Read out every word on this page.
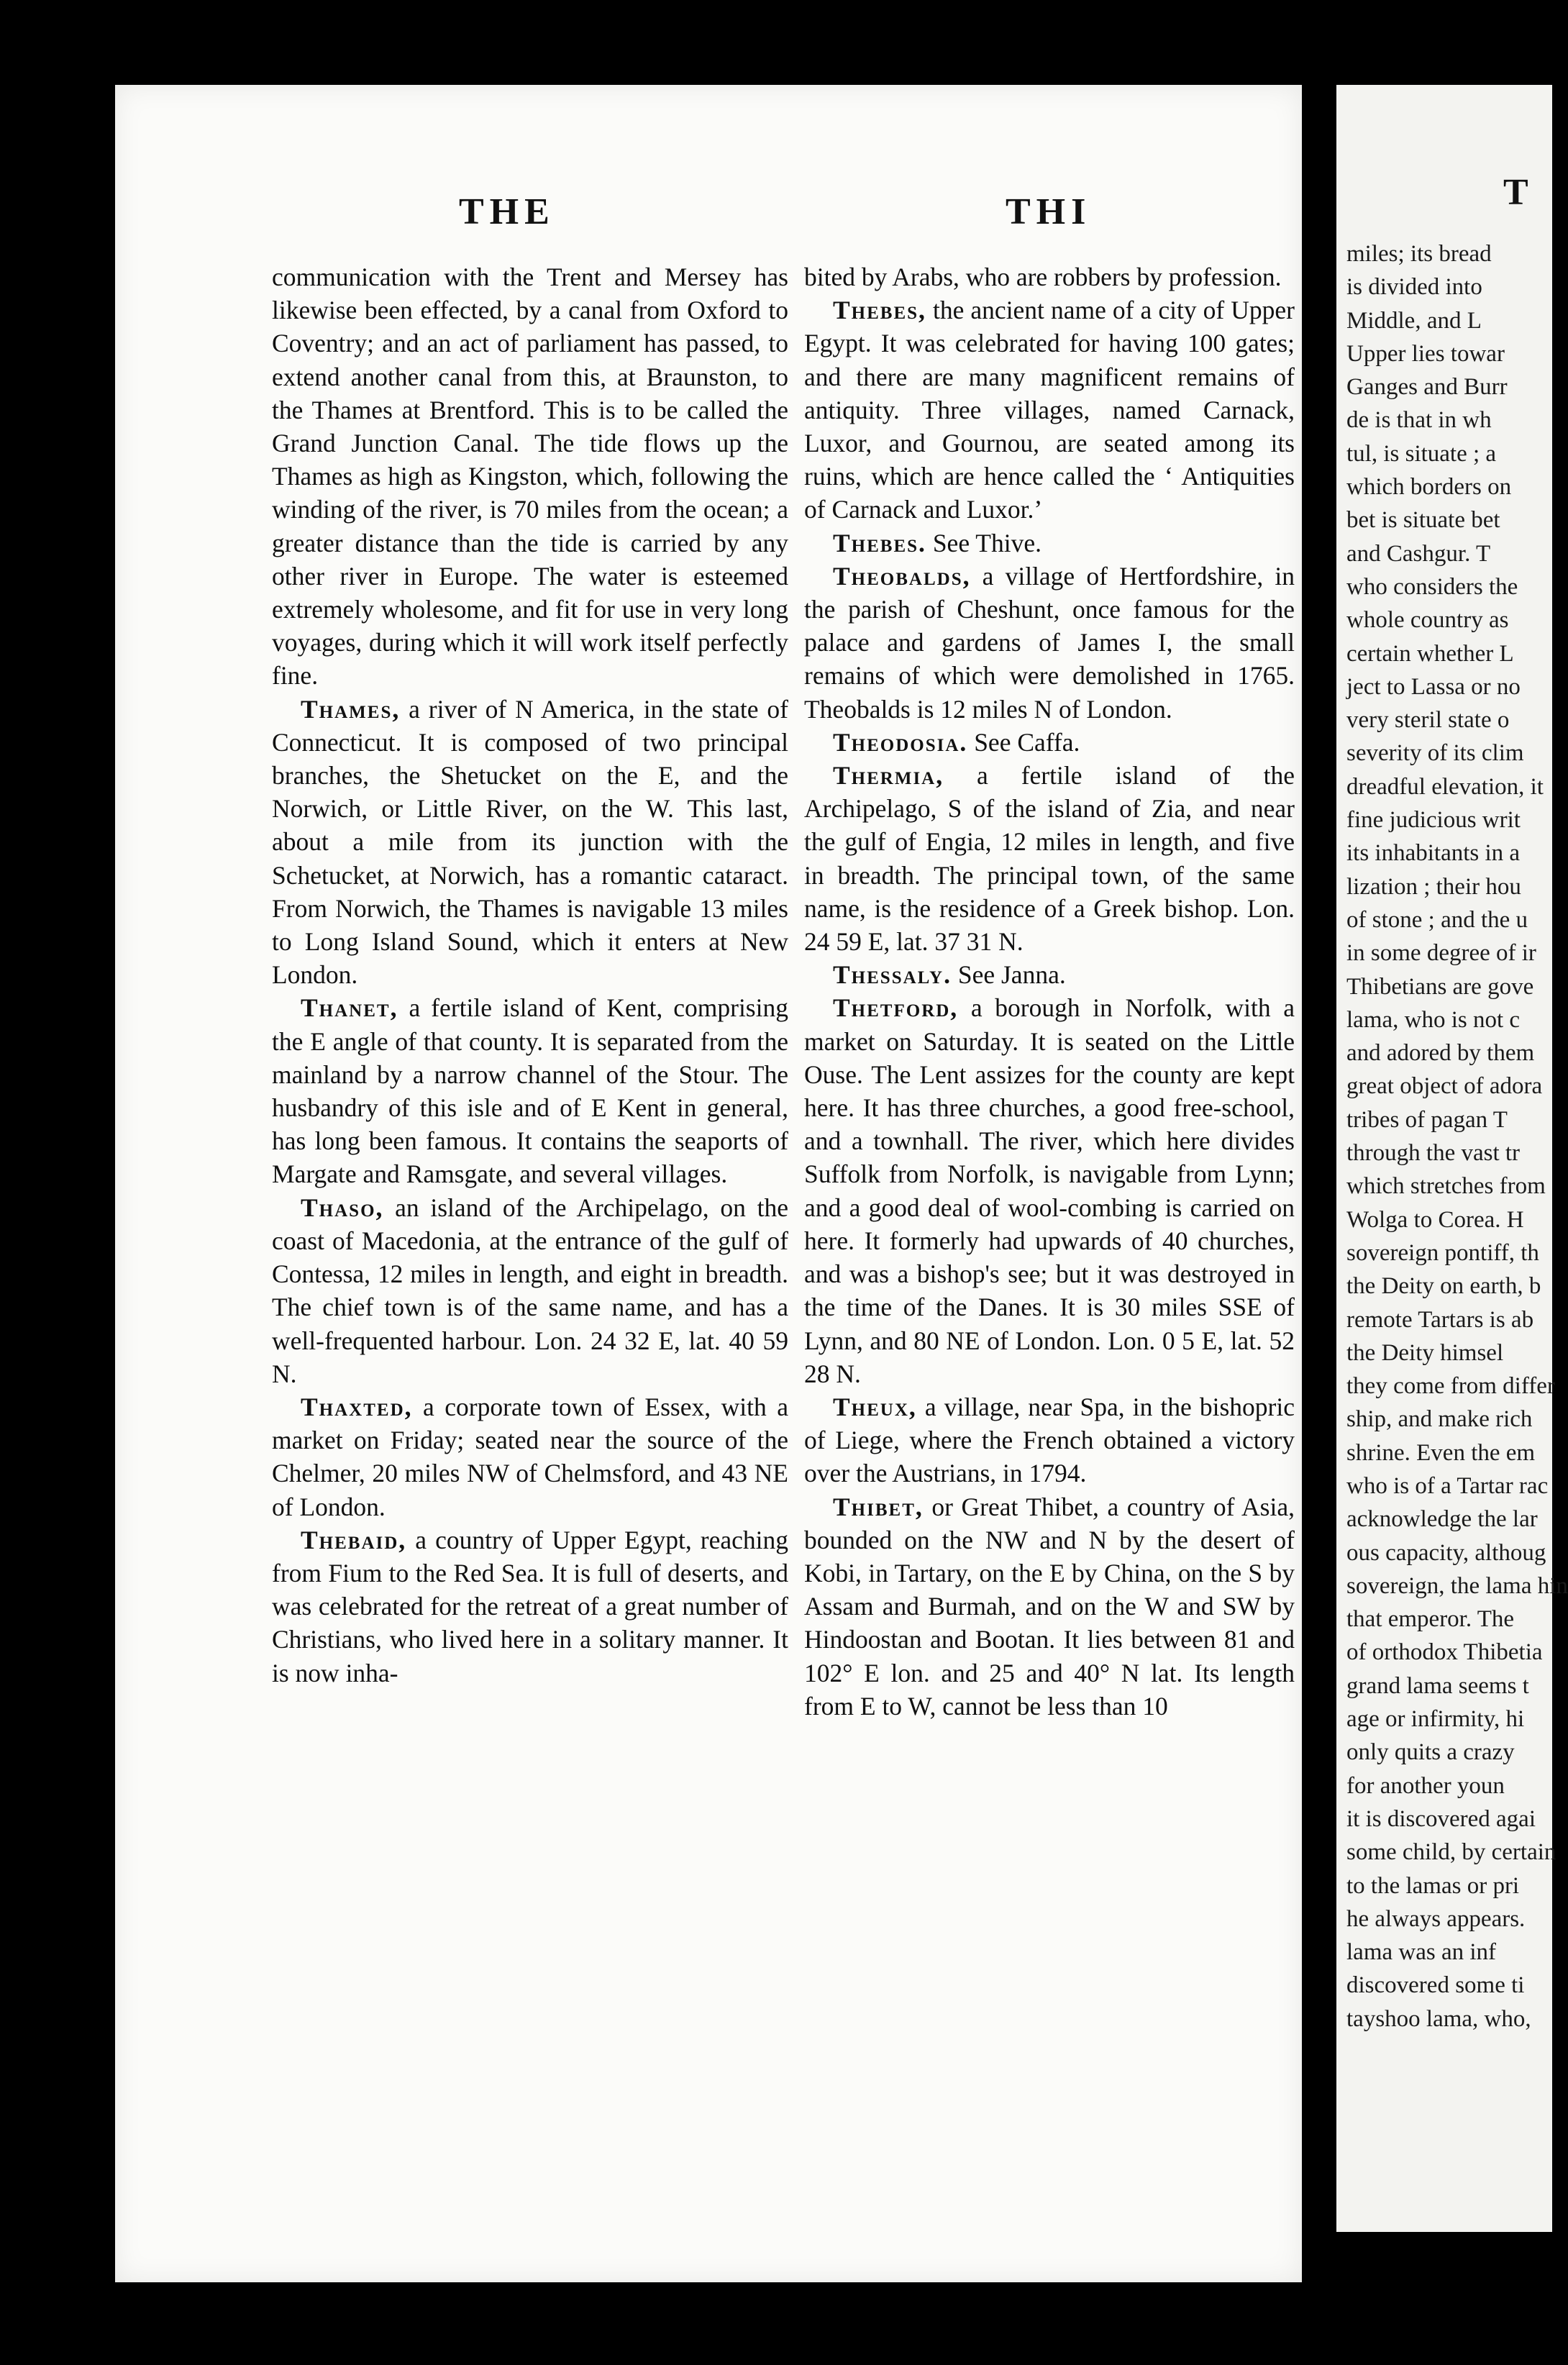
THE	THI	T

communication with the Trent and Mersey has likewise been effected, by a canal from Oxford to Coventry; and an act of parliament has passed, to extend another canal from this, at Braunston, to the Thames at Brentford. This is to be called the Grand Junction Canal. The tide flows up the Thames as high as Kingston, which, following the winding of the river, is 70 miles from the ocean; a greater distance than the tide is carried by any other river in Europe. The water is esteemed extremely wholesome, and fit for use in very long voyages, during which it will work itself perfectly fine.

Thames, a river of N America, in the state of Connecticut. It is composed of two principal branches, the Shetucket on the E, and the Norwich, or Little River, on the W. This last, about a mile from its junction with the Schetucket, at Norwich, has a romantic cataract. From Norwich, the Thames is navigable 13 miles to Long Island Sound, which it enters at New London.

Thanet, a fertile island of Kent, comprising the E angle of that county. It is separated from the mainland by a narrow channel of the Stour. The husbandry of this isle and of E Kent in general, has long been famous. It contains the seaports of Margate and Ramsgate, and several villages.

Thaso, an island of the Archipelago, on the coast of Macedonia, at the entrance of the gulf of Contessa, 12 miles in length, and eight in breadth. The chief town is of the same name, and has a well-frequented harbour. Lon. 24 32 E, lat. 40 59 N.

Thaxted, a corporate town of Essex, with a market on Friday; seated near the source of the Chelmer, 20 miles NW of Chelmsford, and 43 NE of London.

Thebaid, a country of Upper Egypt, reaching from Fium to the Red Sea. It is full of deserts, and was celebrated for the retreat of a great number of Christians, who lived here in a solitary manner. It is now inha-

bited by Arabs, who are robbers by profession.

Thebes, the ancient name of a city of Upper Egypt. It was celebrated for having 100 gates; and there are many magnificent remains of antiquity. Three villages, named Carnack, Luxor, and Gournou, are seated among its ruins, which are hence called the ‘ Antiquities of Carnack and Luxor.’

Thebes. See Thive.

Theobalds, a village of Hertfordshire, in the parish of Cheshunt, once famous for the palace and gardens of James I, the small remains of which were demolished in 1765. Theobalds is 12 miles N of London.

Theodosia. See Caffa.

Thermia, a fertile island of the Archipelago, S of the island of Zia, and near the gulf of Engia, 12 miles in length, and five in breadth. The principal town, of the same name, is the residence of a Greek bishop. Lon. 24 59 E, lat. 37 31 N.

Thessaly. See Janna.

Thetford, a borough in Norfolk, with a market on Saturday. It is seated on the Little Ouse. The Lent assizes for the county are kept here. It has three churches, a good free-school, and a townhall. The river, which here divides Suffolk from Norfolk, is navigable from Lynn; and a good deal of wool-combing is carried on here. It formerly had upwards of 40 churches, and was a bishop's see; but it was destroyed in the time of the Danes. It is 30 miles SSE of Lynn, and 80 NE of London. Lon. 0 5 E, lat. 52 28 N.

Theux, a village, near Spa, in the bishopric of Liege, where the French obtained a victory over the Austrians, in 1794.

Thibet, or Great Thibet, a country of Asia, bounded on the NW and N by the desert of Kobi, in Tartary, on the E by China, on the S by Assam and Burmah, and on the W and SW by Hindoostan and Bootan. It lies between 81 and 102° E lon. and 25 and 40° N lat. Its length from E to W, cannot be less than 10

miles; its bread
is divided into
Middle, and L
Upper lies towar
Ganges and Burr
de is that in wh
tul, is situate ; a
which borders on
bet is situate bet
and Cashgur. T
who considers the
whole country as
certain whether L
ject to Lassa or no
very steril state o
severity of its clim
dreadful elevation, it
fine judicious writ
its inhabitants in a
lization ; their hou
of stone ; and the u
in some degree of ir
Thibetians are gove
lama, who is not c
and adored by them
great object of adora
tribes of pagan T
through the vast tr
which stretches from
Wolga to Corea. H
sovereign pontiff, th
the Deity on earth, b
remote Tartars is ab
the Deity himsel
they come from differ
ship, and make rich
shrine. Even the em
who is of a Tartar rac
acknowledge the lar
ous capacity, althoug
sovereign, the lama hin
that emperor. The
of orthodox Thibetia
grand lama seems t
age or infirmity, hi
only quits a crazy
for another youn
it is discovered agai
some child, by certain
to the lamas or pri
he always appears.
lama was an inf
discovered some ti
tayshoo lama, who,
